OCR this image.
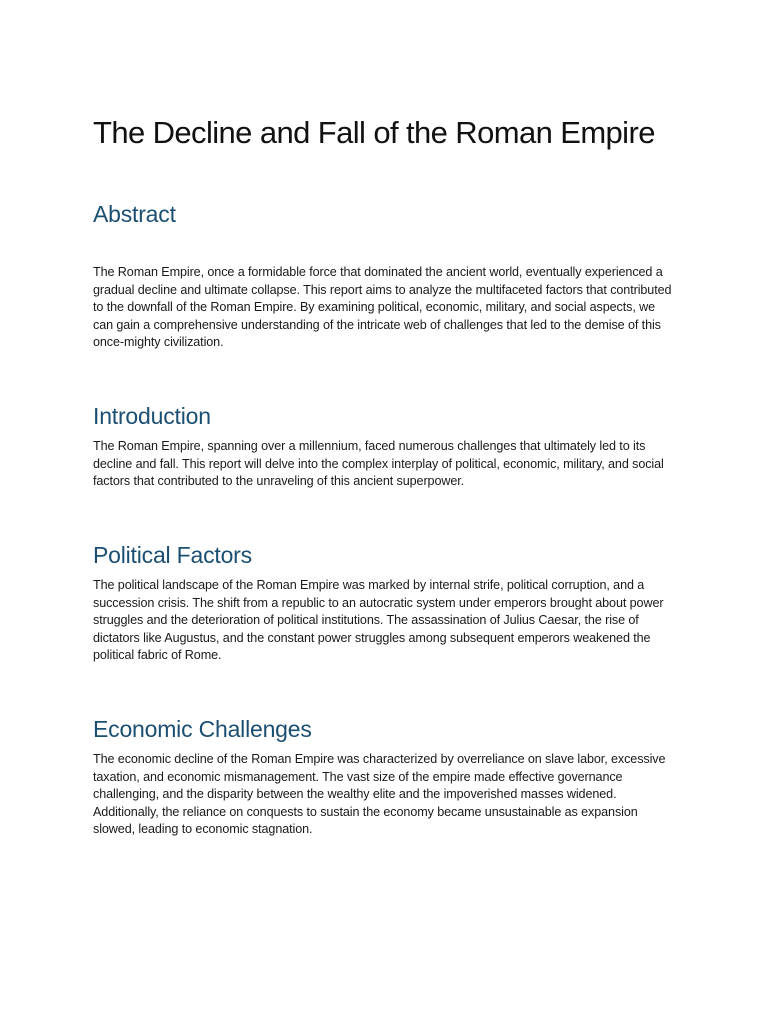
The Decline and Fall of the Roman Empire
Abstract

The Roman Empire, once a formidable force that dominated the ancient world, eventually experienced a gradual decline and ultimate collapse. This report aims to analyze the multifaceted factors that contributed to the downfall of the Roman Empire. By examining political, economic, military, and social aspects, we can gain a comprehensive understanding of the intricate web of challenges that led to the demise of this once-mighty civilization.

Introduction

The Roman Empire, spanning over a millennium, faced numerous challenges that ultimately led to its decline and fall. This report will delve into the complex interplay of political, economic, military, and social factors that contributed to the unraveling of this ancient superpower.

Political Factors

The political landscape of the Roman Empire was marked by internal strife, political corruption, and a succession crisis. The shift from a republic to an autocratic system under emperors brought about power struggles and the deterioration of political institutions. The assassination of Julius Caesar, the rise of dictators like Augustus, and the constant power struggles among subsequent emperors weakened the political fabric of Rome.

Economic Challenges

The economic decline of the Roman Empire was characterized by overreliance on slave labor, excessive taxation, and economic mismanagement. The vast size of the empire made effective governance challenging, and the disparity between the wealthy elite and the impoverished masses widened. Additionally, the reliance on conquests to sustain the economy became unsustainable as expansion slowed, leading to economic stagnation.
